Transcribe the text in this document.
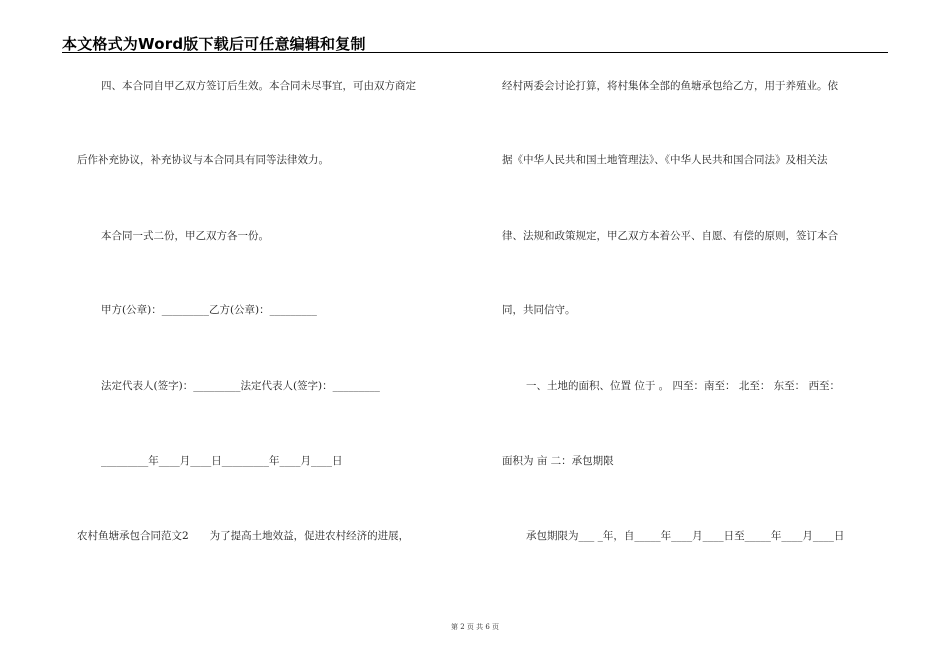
本文格式为Word版下载后可任意编辑和复制
四、本合同自甲乙双方签订后生效。本合同未尽事宜，可由双方商定
后作补充协议，补充协议与本合同具有同等法律效力。
本合同一式二份，甲乙双方各一份。
甲方(公章)：_________乙方(公章)：_________
法定代表人(签字)：_________法定代表人(签字)：_________
_________年____月____日_________年____月____日
农村鱼塘承包合同范文2　　为了提高土地效益，促进农村经济的进展，
经村两委会讨论打算，将村集体全部的鱼塘承包给乙方，用于养殖业。依
据《中华人民共和国土地管理法》、《中华人民共和国合同法》及相关法
律、法规和政策规定，甲乙双方本着公平、自愿、有偿的原则，签订本合
同，共同信守。
一、土地的面积、位置 位于 。 四至：南至： 北至： 东至： 西至：
面积为 亩 二：承包期限
承包期限为___ _年，自_____年____月____日至_____年____月____日
第 2 页 共 6 页
